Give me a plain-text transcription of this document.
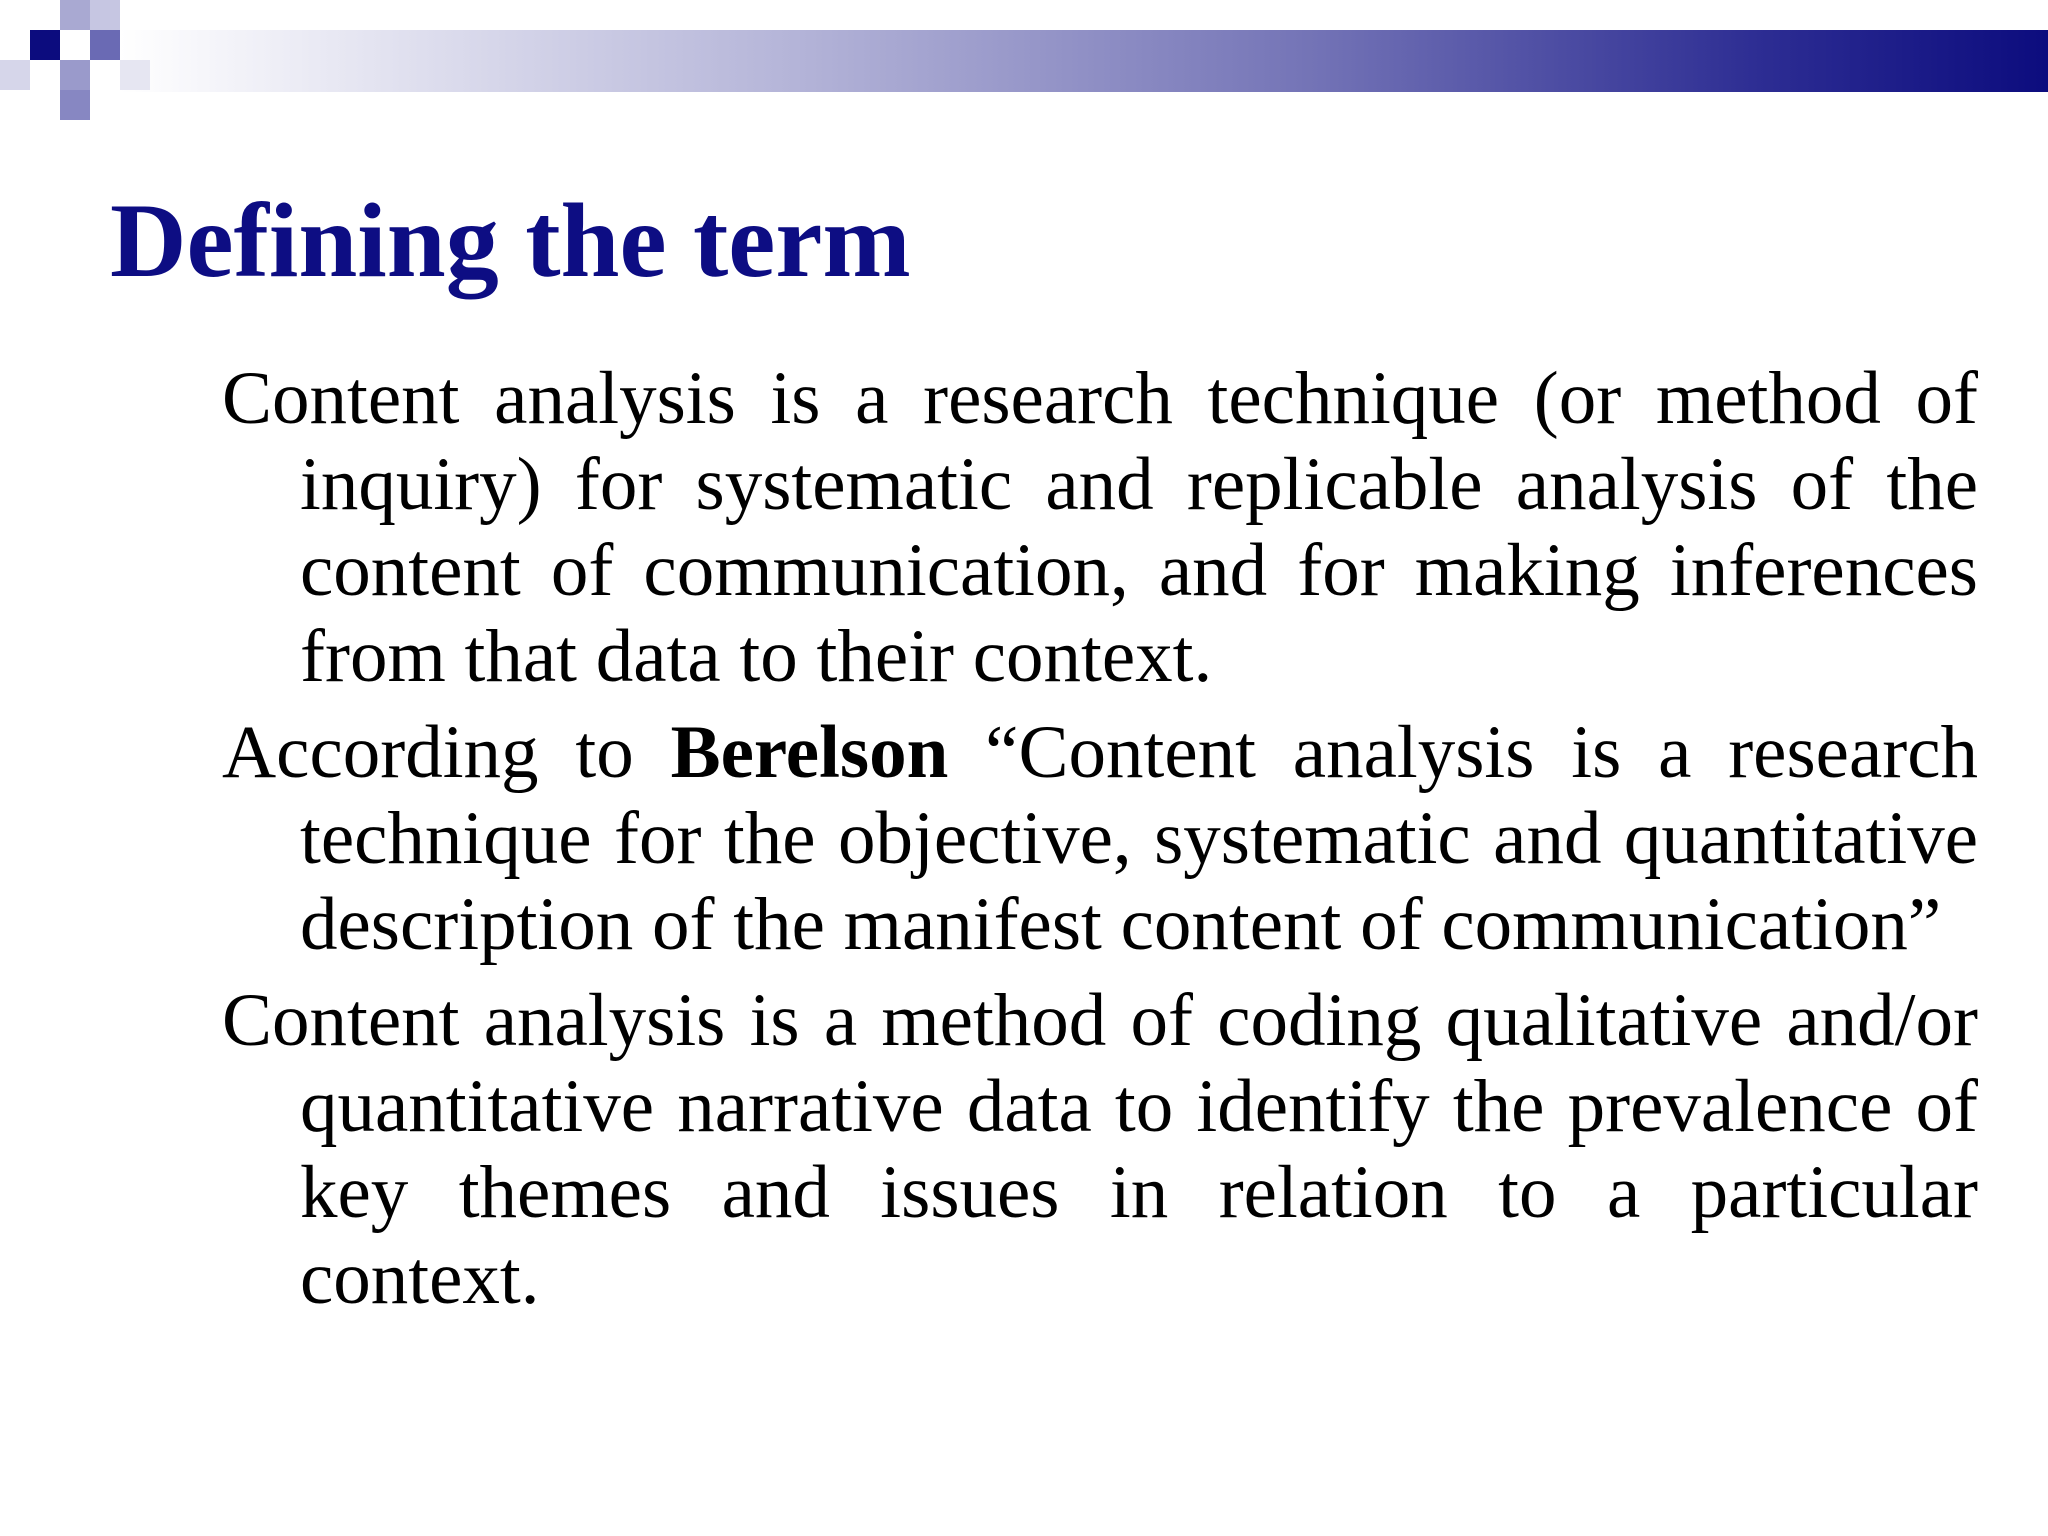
Defining the term

Content analysis is a research technique (or method of inquiry) for systematic and replicable analysis of the content of communication, and for making inferences from that data to their context.

According to Berelson “Content analysis is a research technique for the objective, systematic and quantitative description of the manifest content of communication”

Content analysis is a method of coding qualitative and/or quantitative narrative data to identify the prevalence of key themes and issues in relation to a particular context.
